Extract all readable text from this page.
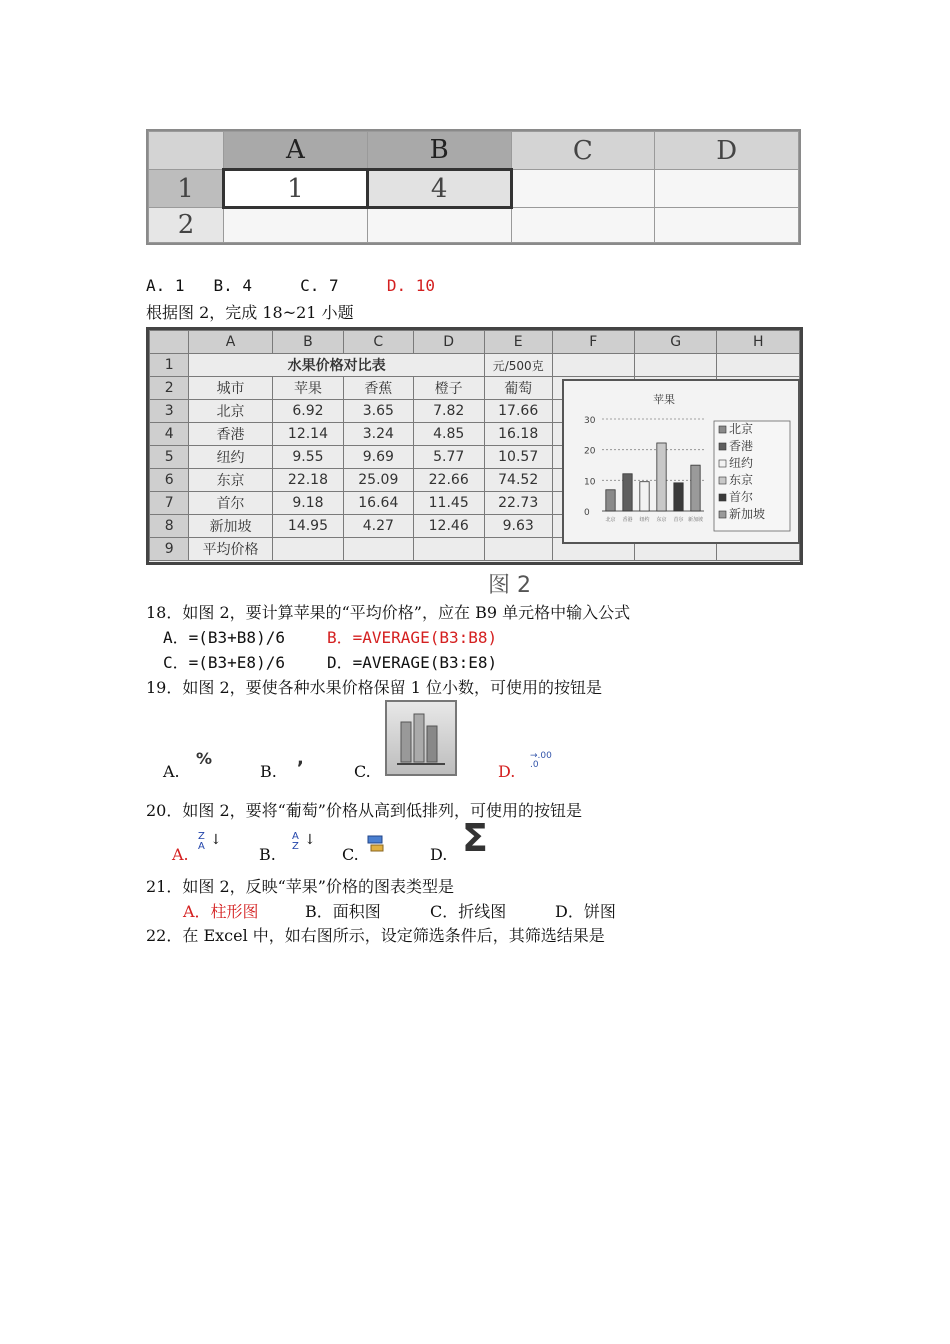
	A	B	C	D
1	1	4		
2				
A. 1 B. 4	C. 7	D. 10
根据图 2，完成 18~21 小题
	A	B	C	D	E	F	G	H
1	水果价格对比表				元/500克			
2	城市	苹果	香蕉	橙子	葡萄			
3	北京	6.92	3.65	7.82	17.66			
4	香港	12.14	3.24	4.85	16.18			
5	纽约	9.55	9.69	5.77	10.57			
6	东京	22.18	25.09	22.66	74.52			
7	首尔	9.18	16.64	11.45	22.73			
8	新加坡	14.95	4.27	12.46	9.63			
9	平均价格							
苹果
0
10
20
30
北京 香港 纽约 东京 首尔 新加坡
北京
香港
纽约
东京
首尔
新加坡
图 2
18．如图 2，要计算苹果的“平均价格”，应在 B9 单元格中输入公式
A．=(B3+B8)/6	B．=AVERAGE(B3:B8)
C．=(B3+E8)/6	D．=AVERAGE(B3:E8)
19．如图 2，要使各种水果价格保留 1 位小数，可使用的按钮是
A.
%
B.
,
C.	D.
→.00 .0
20．如图 2，要将“葡萄”价格从高到低排列，可使用的按钮是
A.
Z
A ↓
B.
A
Z ↓
C.	D. Σ
21．如图 2，反映“苹果”价格的图表类型是
A．柱形图	B．面积图	C．折线图	D．饼图
22．在 Excel 中，如右图所示，设定筛选条件后，其筛选结果是
